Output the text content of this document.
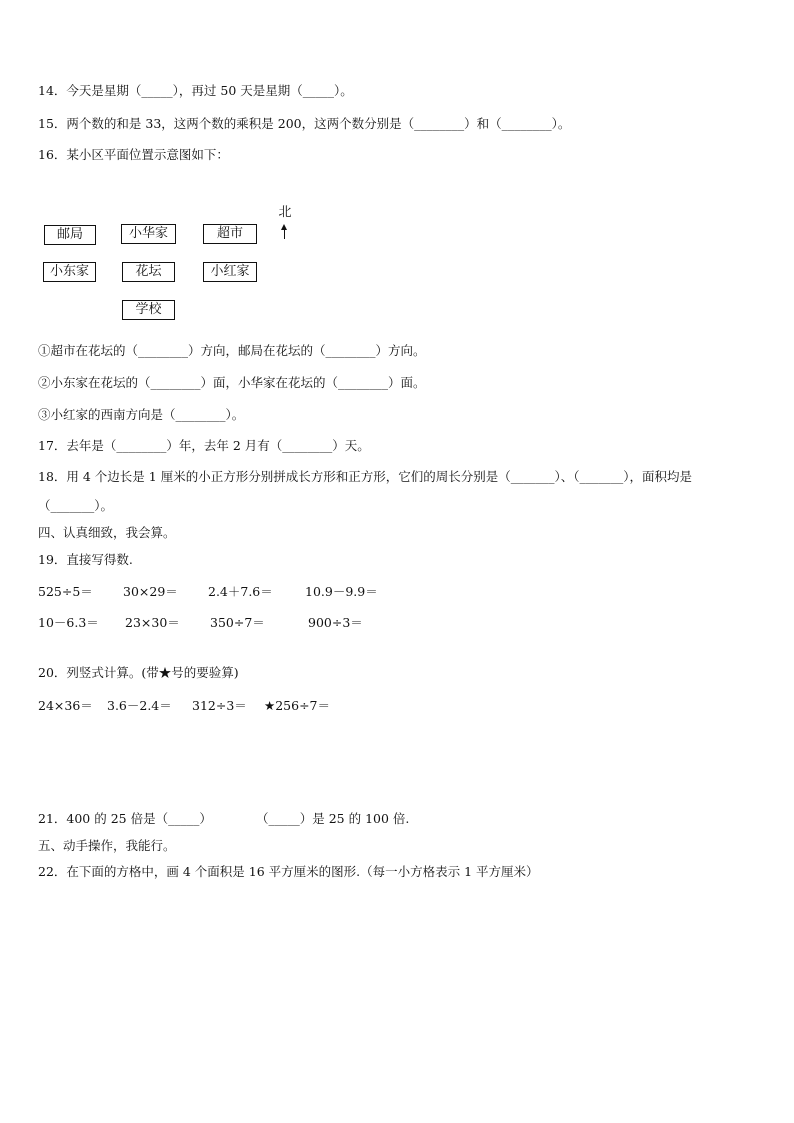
14．今天是星期（_____），再过 50 天是星期（_____）。
15．两个数的和是 33，这两个数的乘积是 200，这两个数分别是（________）和（________）。
16．某小区平面位置示意图如下：
邮局	小华家	超市
北
小东家	花坛	小红家
学校
①超市在花坛的（________）方向，邮局在花坛的（________）方向。
②小东家在花坛的（________）面，小华家在花坛的（________）面。
③小红家的西南方向是（________）。
17．去年是（________）年，去年 2 月有（________）天。
18．用 4 个边长是 1 厘米的小正方形分别拼成长方形和正方形，它们的周长分别是（_______）、（_______），面积均是
（_______）。
四、认真细致，我会算。
19．直接写得数.
525÷5＝ 30×29＝ 2.4＋7.6＝	10.9－9.9＝
10－6.3＝ 23×30＝ 350÷7＝	900÷3＝
20．列竖式计算。(带★号的要验算)
24×36＝ 3.6－2.4＝ 312÷3＝ ★256÷7＝
21．400 的 25 倍是（_____）	（_____）是 25 的 100 倍.
五、动手操作，我能行。
22．在下面的方格中，画 4 个面积是 16 平方厘米的图形.（每一小方格表示 1 平方厘米）
